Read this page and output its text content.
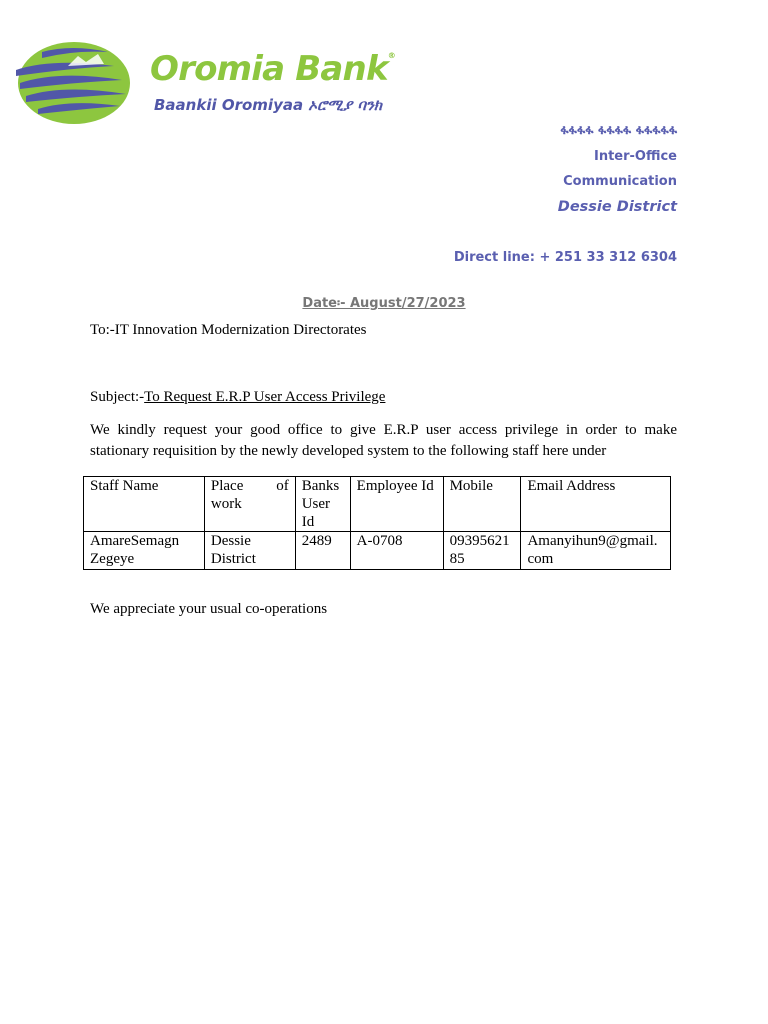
Oromia Bank®
Baankii Oromiyaa ኦሮሚያ ባንክ
ፋፋፋፋ ፋፋፋፋ ፋፋፋፋፋ
Inter-Office
Communication
Dessie District
Direct line: + 251 33 312 6304
Date፡- August/27/2023
To:-IT Innovation Modernization Directorates
Subject:-To Request E.R.P User Access Privilege
We kindly request your good office to give E.R.P user access privilege in order to make stationary requisition by the newly developed system to the following staff here under
Staff Name	Place of work	Banks User Id	Employee Id	Mobile	Email Address
AmareSemagn Zegeye	Dessie District	2489	A-0708	0939562185	Amanyihun9@gmail.com
We appreciate your usual co-operations
